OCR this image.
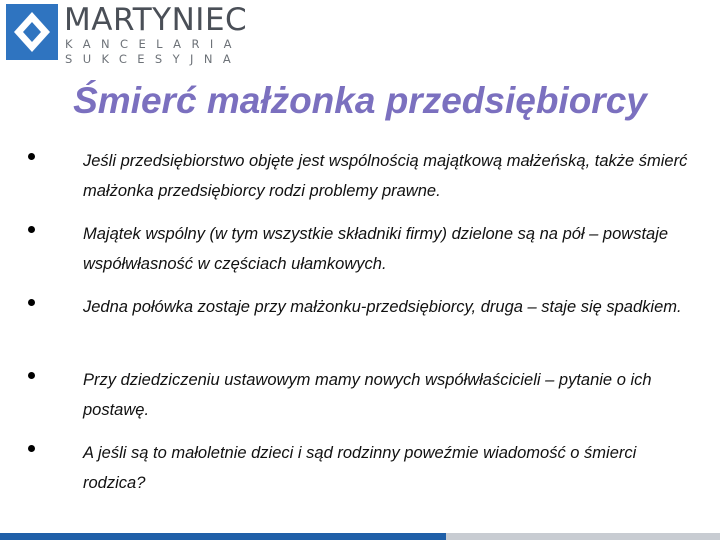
MARTYNIEC
KANCELARIA
SUKCESYJNA
Śmierć małżonka przedsiębiorcy
Jeśli przedsiębiorstwo objęte jest wspólnością majątkową małżeńską, także śmierć małżonka przedsiębiorcy rodzi problemy prawne.
Majątek wspólny (w tym wszystkie składniki firmy) dzielone są na pół – powstaje współwłasność w częściach ułamkowych.
Jedna połówka zostaje przy małżonku-przedsiębiorcy, druga – staje się spadkiem.
Przy dziedziczeniu ustawowym mamy nowych współwłaścicieli – pytanie o ich postawę.
A jeśli są to małoletnie dzieci i sąd rodzinny poweźmie wiadomość o śmierci rodzica?
